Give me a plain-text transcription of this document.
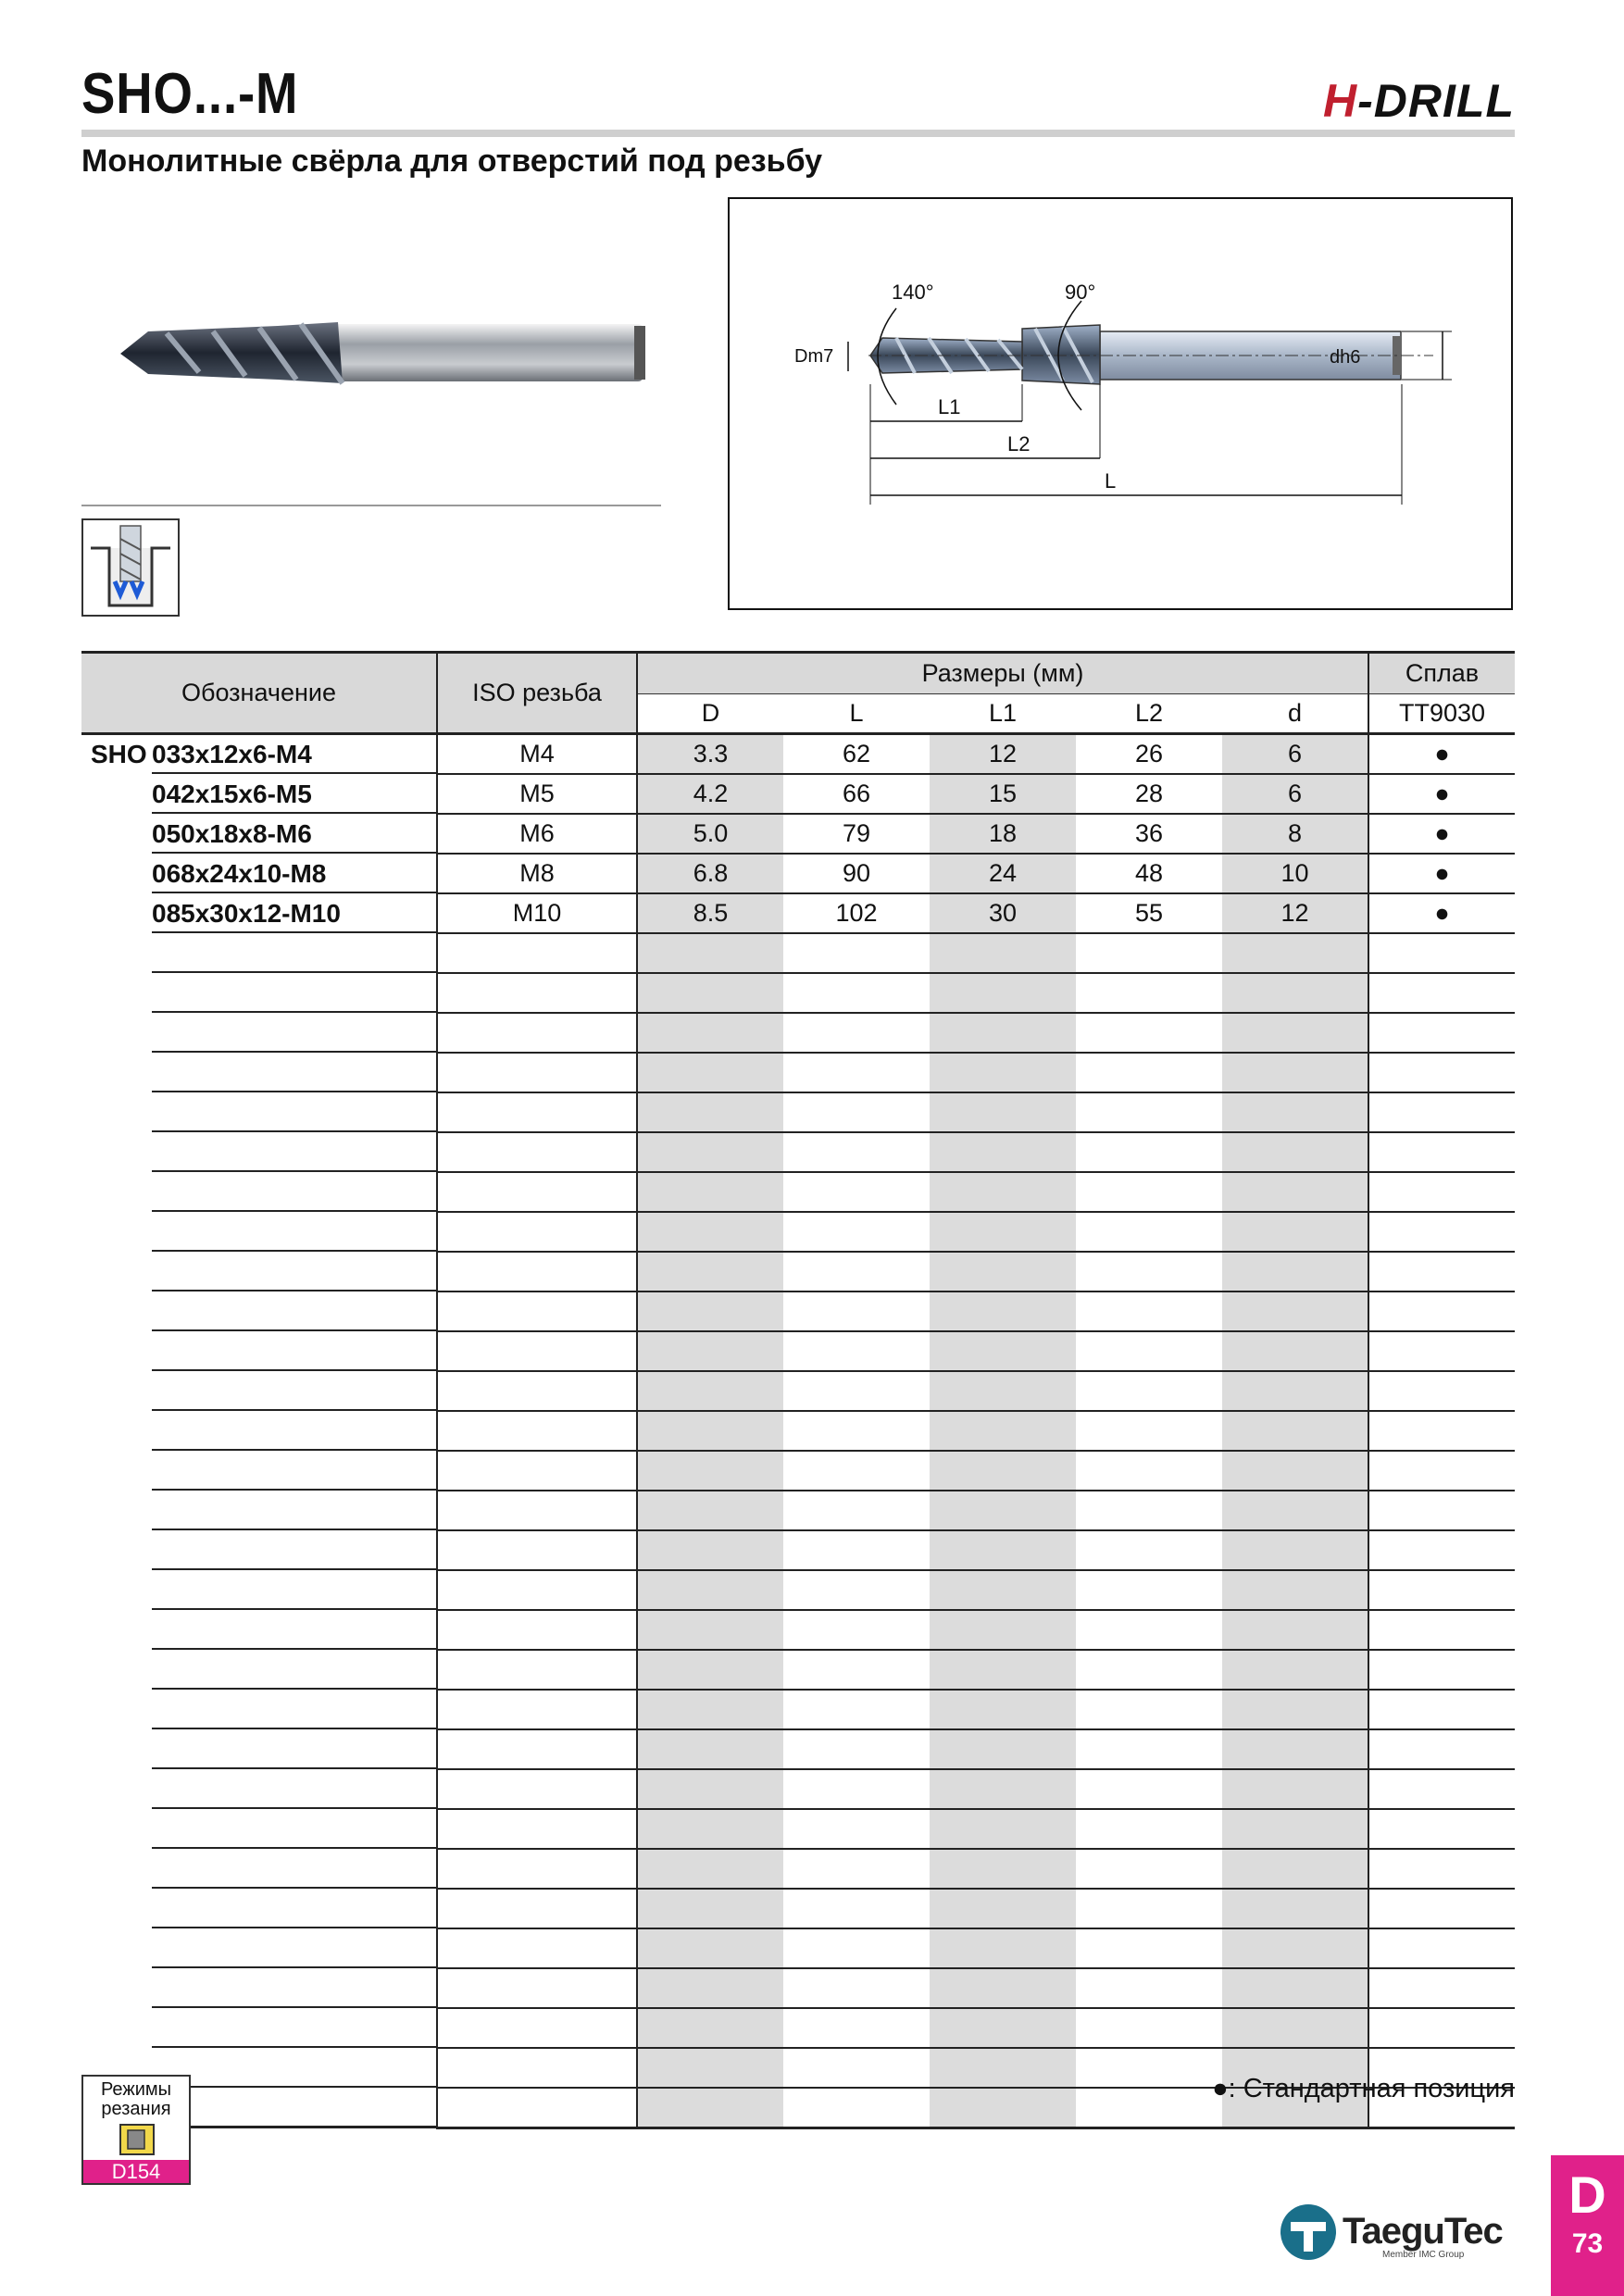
SHO...-M	H-DRILL
Монолитные свёрла для отверстий под резьбу
140°	90°
Dm7	dh6
L1
L2
L
Обозначение	ISO резьба	Размеры (мм)					Сплав
		D	L	L1	L2	d	TT9030
SHO 033x12x6-M4	M4	3.3	62	12	26	6	●
042x15x6-M5	M5	4.2	66	15	28	6	●
050x18x8-M6	M6	5.0	79	18	36	8	●
068x24x10-M8	M8	6.8	90	24	48	10	●
085x30x12-M10	M10	8.5	102	30	55	12	●

Режимы резания
D154
●: Стандартная позиция
TaeguTec
Member IMC Group
D
73
